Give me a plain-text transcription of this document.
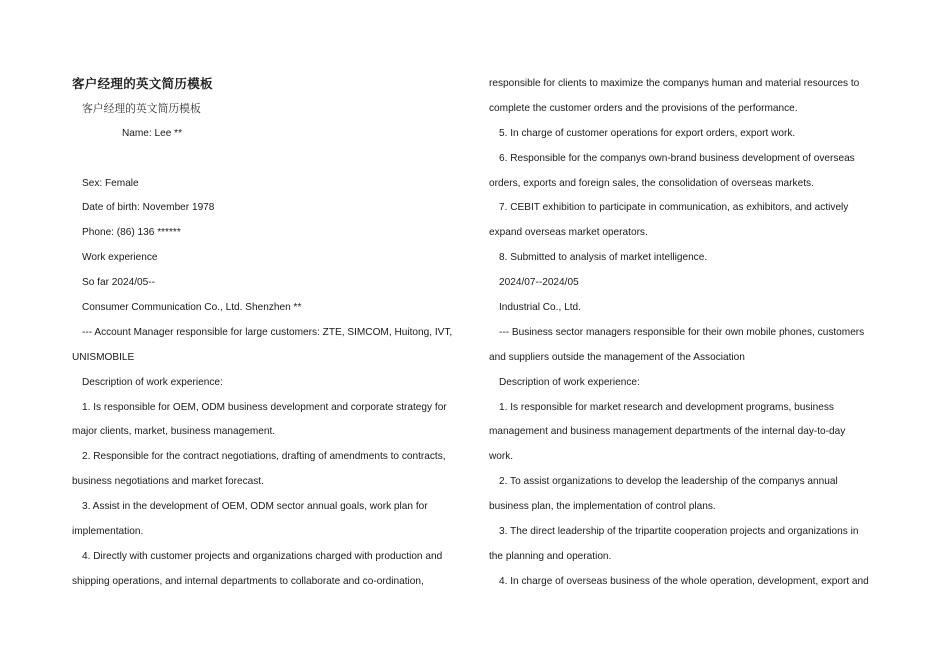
客户经理的英文简历模板
客户经理的英文简历模板
Name: Lee **
Sex: Female
Date of birth: November 1978
Phone: (86) 136 ******
Work experience
So far 2024/05--
Consumer Communication Co., Ltd. Shenzhen **
--- Account Manager responsible for large customers: ZTE, SIMCOM, Huitong, IVT,
UNISMOBILE
Description of work experience:
1. Is responsible for OEM, ODM business development and corporate strategy for
major clients, market, business management.
2. Responsible for the contract negotiations, drafting of amendments to contracts,
business negotiations and market forecast.
3. Assist in the development of OEM, ODM sector annual goals, work plan for
implementation.
4. Directly with customer projects and organizations charged with production and
shipping operations, and internal departments to collaborate and co-ordination,
responsible for clients to maximize the companys human and material resources to
complete the customer orders and the provisions of the performance.
5. In charge of customer operations for export orders, export work.
6. Responsible for the companys own-brand business development of overseas
orders, exports and foreign sales, the consolidation of overseas markets.
7. CEBIT exhibition to participate in communication, as exhibitors, and actively
expand overseas market operators.
8. Submitted to analysis of market intelligence.
2024/07--2024/05
Industrial Co., Ltd.
--- Business sector managers responsible for their own mobile phones, customers
and suppliers outside the management of the Association
Description of work experience:
1. Is responsible for market research and development programs, business
management and business management departments of the internal day-to-day
work.
2. To assist organizations to develop the leadership of the companys annual
business plan, the implementation of control plans.
3. The direct leadership of the tripartite cooperation projects and organizations in
the planning and operation.
4. In charge of overseas business of the whole operation, development, export and
